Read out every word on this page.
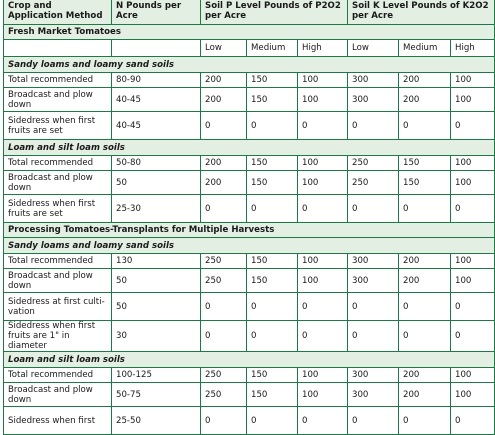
Crop and Application Method	N Pounds per Acre	Soil P Level Pounds of P2O2 per Acre			Soil K Level Pounds of K2O2 per Acre		
Fresh Market Tomatoes							
		Low	Medium	High	Low	Medium	High
Sandy loams and loamy sand soils							
Total recommended	80-90	200	150	100	300	200	100
Broadcast and plow down	40-45	200	150	100	300	200	100
Sidedress when first fruits are set	40-45	0	0	0	0	0	0
Loam and silt loam soils							
Total recommended	50-80	200	150	100	250	150	100
Broadcast and plow down	50	200	150	100	250	150	100
Sidedress when first fruits are set	25-30	0	0	0	0	0	0
Processing Tomatoes-Transplants for Multiple Harvests							
Sandy loams and loamy sand soils							
Total recommended	130	250	150	100	300	200	100
Broadcast and plow down	50	250	150	100	300	200	100
Sidedress at first cultivation	50	0	0	0	0	0	0
Sidedress when first fruits are 1" in diameter	30	0	0	0	0	0	0
Loam and silt loam soils							
Total recommended	100-125	250	150	100	300	200	100
Broadcast and plow down	50-75	250	150	100	300	200	100
Sidedress when first	25-50	0	0	0	0	0	0
